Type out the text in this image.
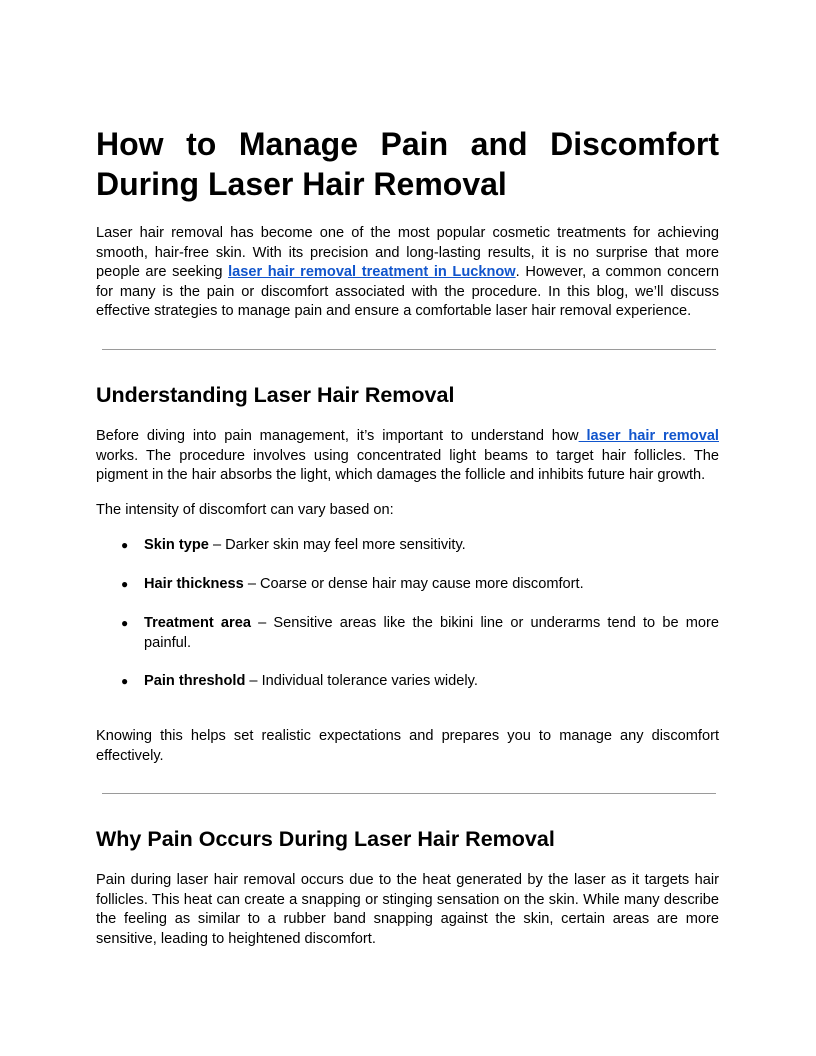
How to Manage Pain and Discomfort
During Laser Hair Removal

Laser hair removal has become one of the most popular cosmetic treatments for achieving smooth, hair-free skin. With its precision and long-lasting results, it is no surprise that more people are seeking laser hair removal treatment in Lucknow. However, a common concern for many is the pain or discomfort associated with the procedure. In this blog, we’ll discuss effective strategies to manage pain and ensure a comfortable laser hair removal experience.

Understanding Laser Hair Removal

Before diving into pain management, it’s important to understand how laser hair removal works. The procedure involves using concentrated light beams to target hair follicles. The pigment in the hair absorbs the light, which damages the follicle and inhibits future hair growth.

The intensity of discomfort can vary based on:

● Skin type – Darker skin may feel more sensitivity.
● Hair thickness – Coarse or dense hair may cause more discomfort.
● Treatment area – Sensitive areas like the bikini line or underarms tend to be more painful.
● Pain threshold – Individual tolerance varies widely.

Knowing this helps set realistic expectations and prepares you to manage any discomfort effectively.

Why Pain Occurs During Laser Hair Removal

Pain during laser hair removal occurs due to the heat generated by the laser as it targets hair follicles. This heat can create a snapping or stinging sensation on the skin. While many describe the feeling as similar to a rubber band snapping against the skin, certain areas are more sensitive, leading to heightened discomfort.
